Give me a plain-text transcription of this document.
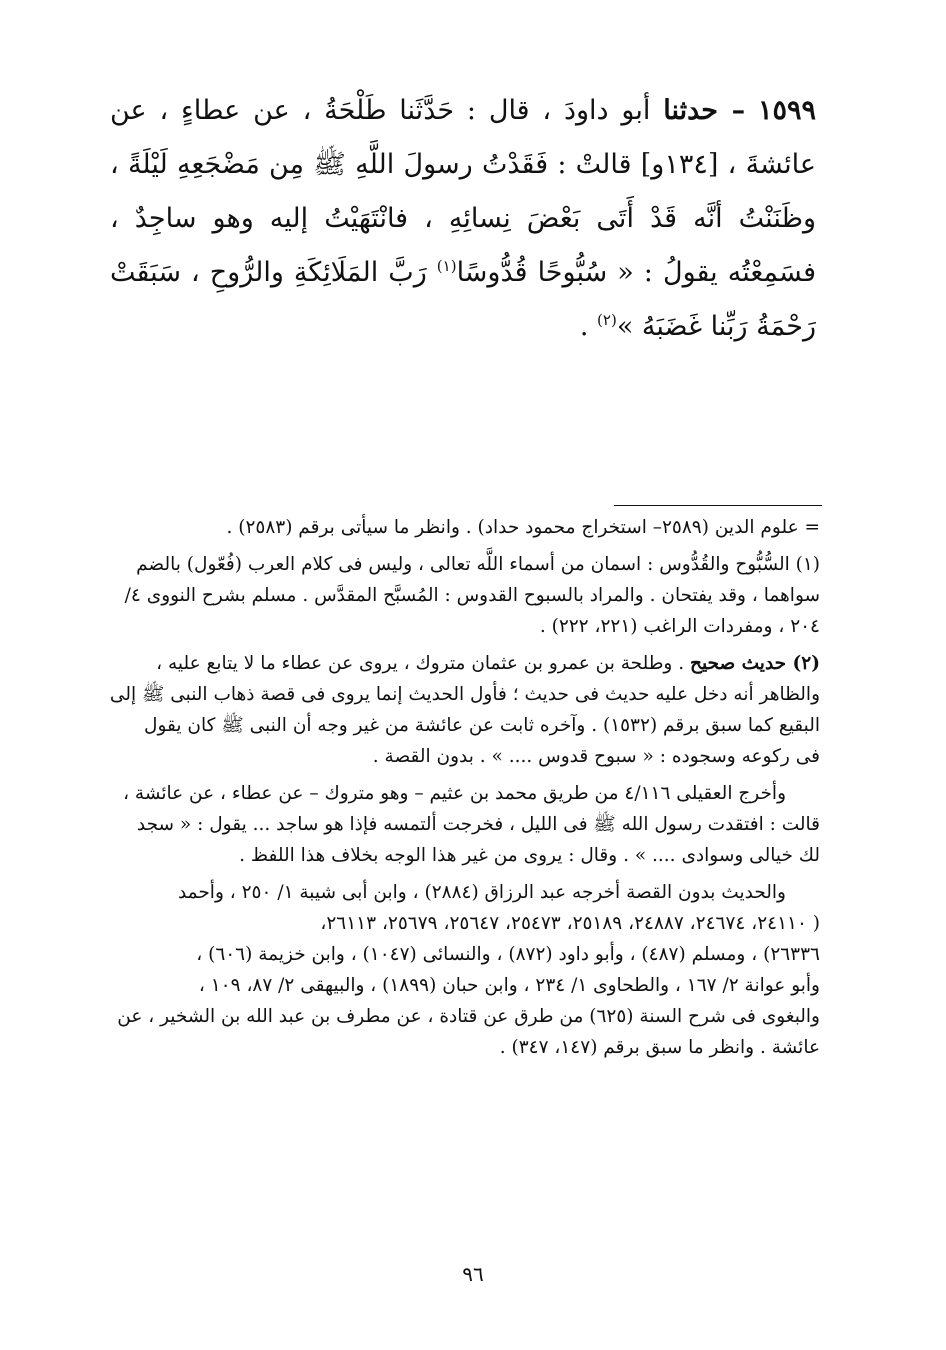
١٥٩٩ – حدثنا أبو داودَ ، قال : حَدَّثَنا طَلْحَةُ ، عن عطاءٍ ، عن عائشةَ ، [١٣٤و] قالتْ : فَقَدْتُ رسولَ اللَّهِ ﷺ مِن مَضْجَعِهِ لَيْلَةً ، وظَنَنْتُ أنَّه قَدْ أَتَى بَعْضَ نِسائِهِ ، فانْتَهَيْتُ إليه وهو ساجِدٌ ، فسَمِعْتُه يقولُ : « سُبُّوحًا قُدُّوسًا$^{(١)}$ رَبَّ المَلَائِكَةِ والرُّوحِ ، سَبَقَتْ رَحْمَةُ رَبِّنا غَضَبَهُ »$^{(٢)}$ .
= علوم الدين (٢٥٨٩– استخراج محمود حداد) . وانظر ما سيأتى برقم (٢٥٨٣) .
(١) السُّبُّوح والقُدُّوس : اسمان من أسماء اللَّه تعالى ، وليس فى كلام العرب (فُعّول) بالضم
سواهما ، وقد يفتحان . والمراد بالسبوح القدوس : المُسبَّح المقدَّس . مسلم بشرح النووى ٤/
٢٠٤ ، ومفردات الراغب (٢٢١، ٢٢٢) .
(٢) حديث صحيح . وطلحة بن عمرو بن عثمان متروك ، يروى عن عطاء ما لا يتابع عليه ،
والظاهر أنه دخل عليه حديث فى حديث ؛ فأول الحديث إنما يروى فى قصة ذهاب النبى ﷺ إلى
البقيع كما سبق برقم (١٥٣٢) . وآخره ثابت عن عائشة من غير وجه أن النبى ﷺ كان يقول
فى ركوعه وسجوده : « سبوح قدوس .... » . بدون القصة .
وأخرج العقيلى ٤/١١٦ من طريق محمد بن عثيم – وهو متروك – عن عطاء ، عن عائشة ،
قالت : افتقدت رسول الله ﷺ فى الليل ، فخرجت ألتمسه فإذا هو ساجد ... يقول : « سجد
لك خيالى وسوادى .... » . وقال : يروى من غير هذا الوجه بخلاف هذا اللفظ .
والحديث بدون القصة أخرجه عبد الرزاق (٢٨٨٤) ، وابن أبى شيبة ١/ ٢٥٠ ، وأحمد
( ٢٤١١٠، ٢٤٦٧٤، ٢٤٨٨٧، ٢٥١٨٩، ٢٥٤٧٣، ٢٥٦٤٧، ٢٥٦٧٩، ٢٦١١٣،
٢٦٣٣٦) ، ومسلم (٤٨٧) ، وأبو داود (٨٧٢) ، والنسائى (١٠٤٧) ، وابن خزيمة (٦٠٦) ،
وأبو عوانة ٢/ ١٦٧ ، والطحاوى ١/ ٢٣٤ ، وابن حبان (١٨٩٩) ، والبيهقى ٢/ ٨٧، ١٠٩ ،
والبغوى فى شرح السنة (٦٢٥) من طرق عن قتادة ، عن مطرف بن عبد الله بن الشخير ، عن
عائشة . وانظر ما سبق برقم (١٤٧، ٣٤٧) .
٩٦
